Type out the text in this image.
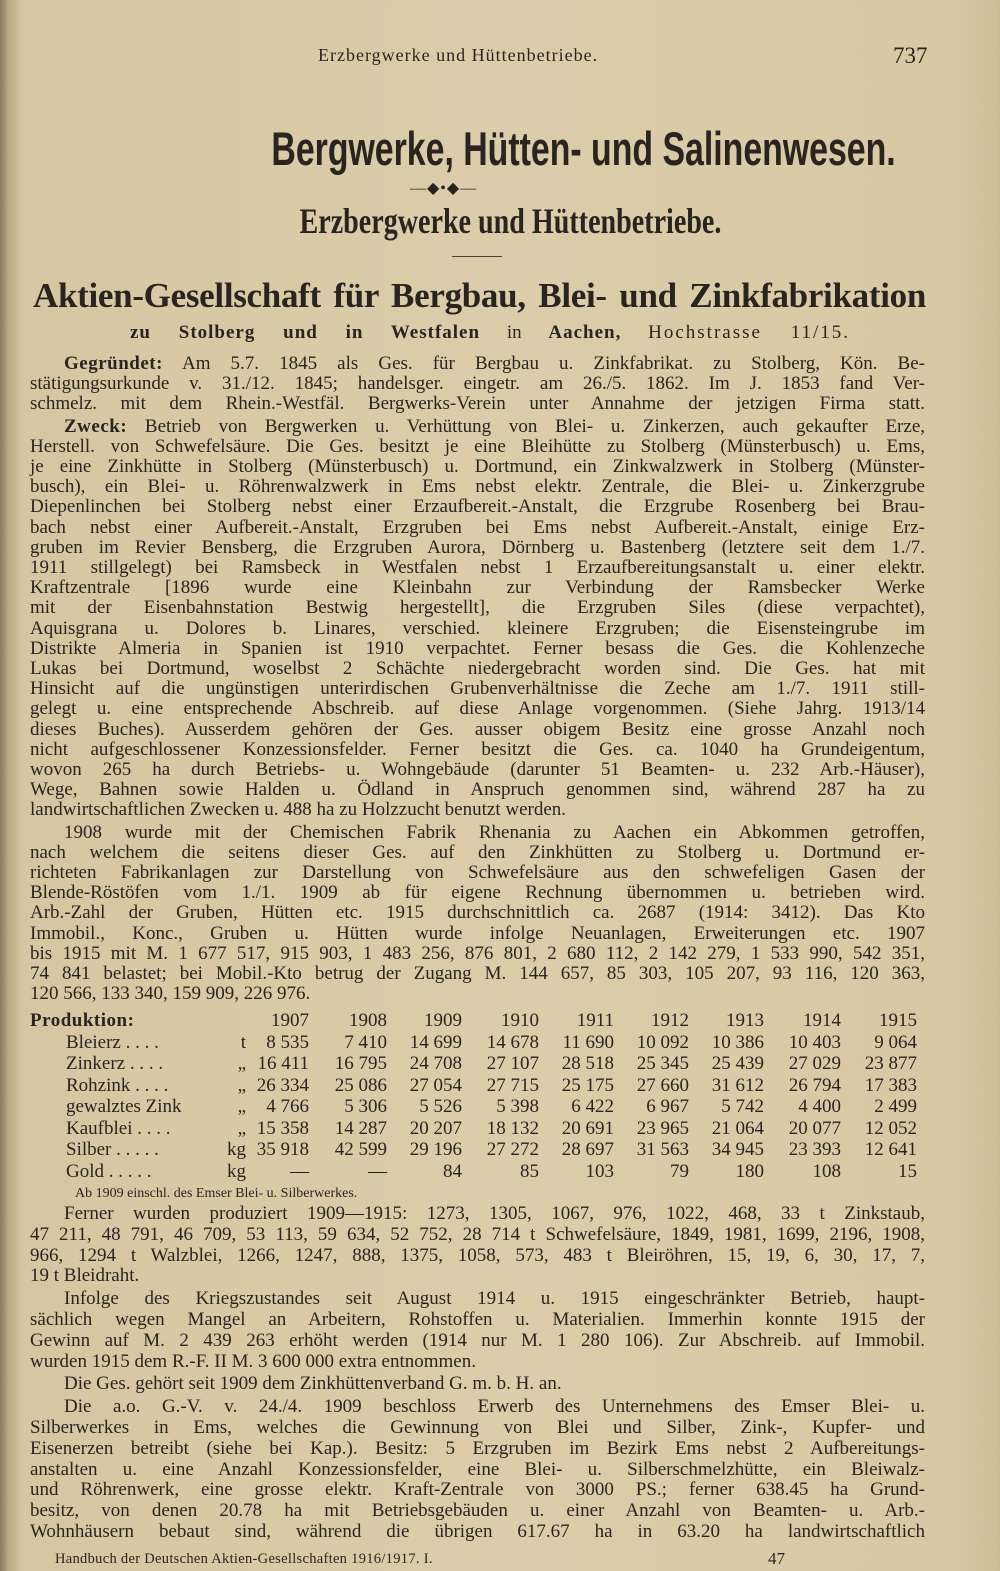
Erzbergwerke und Hüttenbetriebe.	737
Bergwerke, Hütten- und Salinenwesen.
—◆•◆—
Erzbergwerke und Hüttenbetriebe.
Aktien-Gesellschaft für Bergbau, Blei- und Zinkfabrikation
zu Stolberg und in Westfalen in Aachen, Hochstrasse 11/15.
Gegründet: Am 5.7. 1845 als Ges. für Bergbau u. Zinkfabrikat. zu Stolberg, Kön. Be-
stätigungsurkunde v. 31./12. 1845; handelsger. eingetr. am 26./5. 1862. Im J. 1853 fand Ver-
schmelz. mit dem Rhein.-Westfäl. Bergwerks-Verein unter Annahme der jetzigen Firma statt.
Zweck: Betrieb von Bergwerken u. Verhüttung von Blei- u. Zinkerzen, auch gekaufter Erze,
Herstell. von Schwefelsäure. Die Ges. besitzt je eine Bleihütte zu Stolberg (Münsterbusch) u. Ems,
je eine Zinkhütte in Stolberg (Münsterbusch) u. Dortmund, ein Zinkwalzwerk in Stolberg (Münster-
busch), ein Blei- u. Röhrenwalzwerk in Ems nebst elektr. Zentrale, die Blei- u. Zinkerzgrube
Diepenlinchen bei Stolberg nebst einer Erzaufbereit.-Anstalt, die Erzgrube Rosenberg bei Brau-
bach nebst einer Aufbereit.-Anstalt, Erzgruben bei Ems nebst Aufbereit.-Anstalt, einige Erz-
gruben im Revier Bensberg, die Erzgruben Aurora, Dörnberg u. Bastenberg (letztere seit dem 1./7.
1911 stillgelegt) bei Ramsbeck in Westfalen nebst 1 Erzaufbereitungsanstalt u. einer elektr.
Kraftzentrale [1896 wurde eine Kleinbahn zur Verbindung der Ramsbecker Werke
mit der Eisenbahnstation Bestwig hergestellt], die Erzgruben Siles (diese verpachtet),
Aquisgrana u. Dolores b. Linares, verschied. kleinere Erzgruben; die Eisensteingrube im
Distrikte Almeria in Spanien ist 1910 verpachtet. Ferner besass die Ges. die Kohlenzeche
Lukas bei Dortmund, woselbst 2 Schächte niedergebracht worden sind. Die Ges. hat mit
Hinsicht auf die ungünstigen unterirdischen Grubenverhältnisse die Zeche am 1./7. 1911 still-
gelegt u. eine entsprechende Abschreib. auf diese Anlage vorgenommen. (Siehe Jahrg. 1913/14
dieses Buches). Ausserdem gehören der Ges. ausser obigem Besitz eine grosse Anzahl noch
nicht aufgeschlossener Konzessionsfelder. Ferner besitzt die Ges. ca. 1040 ha Grundeigentum,
wovon 265 ha durch Betriebs- u. Wohngebäude (darunter 51 Beamten- u. 232 Arb.-Häuser),
Wege, Bahnen sowie Halden u. Ödland in Anspruch genommen sind, während 287 ha zu
landwirtschaftlichen Zwecken u. 488 ha zu Holzzucht benutzt werden.
1908 wurde mit der Chemischen Fabrik Rhenania zu Aachen ein Abkommen getroffen,
nach welchem die seitens dieser Ges. auf den Zinkhütten zu Stolberg u. Dortmund er-
richteten Fabrikanlagen zur Darstellung von Schwefelsäure aus den schwefeligen Gasen der
Blende-Röstöfen vom 1./1. 1909 ab für eigene Rechnung übernommen u. betrieben wird.
Arb.-Zahl der Gruben, Hütten etc. 1915 durchschnittlich ca. 2687 (1914: 3412). Das Kto
Immobil., Konc., Gruben u. Hütten wurde infolge Neuanlagen, Erweiterungen etc. 1907
bis 1915 mit M. 1 677 517, 915 903, 1 483 256, 876 801, 2 680 112, 2 142 279, 1 533 990, 542 351,
74 841 belastet; bei Mobil.-Kto betrug der Zugang M. 144 657, 85 303, 105 207, 93 116, 120 363,
120 566, 133 340, 159 909, 226 976.
Produktion:	1907	1908	1909	1910	1911	1912	1913	1914	1915
Bleierz . . . .	t	8 535	7 410	14 699	14 678	11 690	10 092	10 386	10 403	9 064
Zinkerz . . . .	„ 16 411	16 795	24 708	27 107	28 518	25 345	25 439	27 029	23 877
Rohzink . . . .	„ 26 334	25 086	27 054	27 715	25 175	27 660	31 612	26 794	17 383
gewalztes Zink	„	4 766	5 306	5 526	5 398	6 422	6 967	5 742	4 400	2 499
Kaufblei . . . .	„ 15 358	14 287	20 207	18 132	20 691	23 965	21 064	20 077	12 052
Silber . . . . .	kg 35 918	42 599	29 196	27 272	28 697	31 563	34 945	23 393	12 641
Gold . . . . .	kg	—	—	84	85	103	79	180	108	15
Ab 1909 einschl. des Emser Blei- u. Silberwerkes.
Ferner wurden produziert 1909—1915: 1273, 1305, 1067, 976, 1022, 468, 33 t Zinkstaub,
47 211, 48 791, 46 709, 53 113, 59 634, 52 752, 28 714 t Schwefelsäure, 1849, 1981, 1699, 2196, 1908,
966, 1294 t Walzblei, 1266, 1247, 888, 1375, 1058, 573, 483 t Bleiröhren, 15, 19, 6, 30, 17, 7,
19 t Bleidraht.
Infolge des Kriegszustandes seit August 1914 u. 1915 eingeschränkter Betrieb, haupt-
sächlich wegen Mangel an Arbeitern, Rohstoffen u. Materialien. Immerhin konnte 1915 der
Gewinn auf M. 2 439 263 erhöht werden (1914 nur M. 1 280 106). Zur Abschreib. auf Immobil.
wurden 1915 dem R.-F. II M. 3 600 000 extra entnommen.
Die Ges. gehört seit 1909 dem Zinkhüttenverband G. m. b. H. an.
Die a.o. G.-V. v. 24./4. 1909 beschloss Erwerb des Unternehmens des Emser Blei- u.
Silberwerkes in Ems, welches die Gewinnung von Blei und Silber, Zink-, Kupfer- und
Eisenerzen betreibt (siehe bei Kap.). Besitz: 5 Erzgruben im Bezirk Ems nebst 2 Aufbereitungs-
anstalten u. eine Anzahl Konzessionsfelder, eine Blei- u. Silberschmelzhütte, ein Bleiwalz-
und Röhrenwerk, eine grosse elektr. Kraft-Zentrale von 3000 PS.; ferner 638.45 ha Grund-
besitz, von denen 20.78 ha mit Betriebsgebäuden u. einer Anzahl von Beamten- u. Arb.-
Wohnhäusern bebaut sind, während die übrigen 617.67 ha in 63.20 ha landwirtschaftlich
Handbuch der Deutschen Aktien-Gesellschaften 1916/1917. I.	47
